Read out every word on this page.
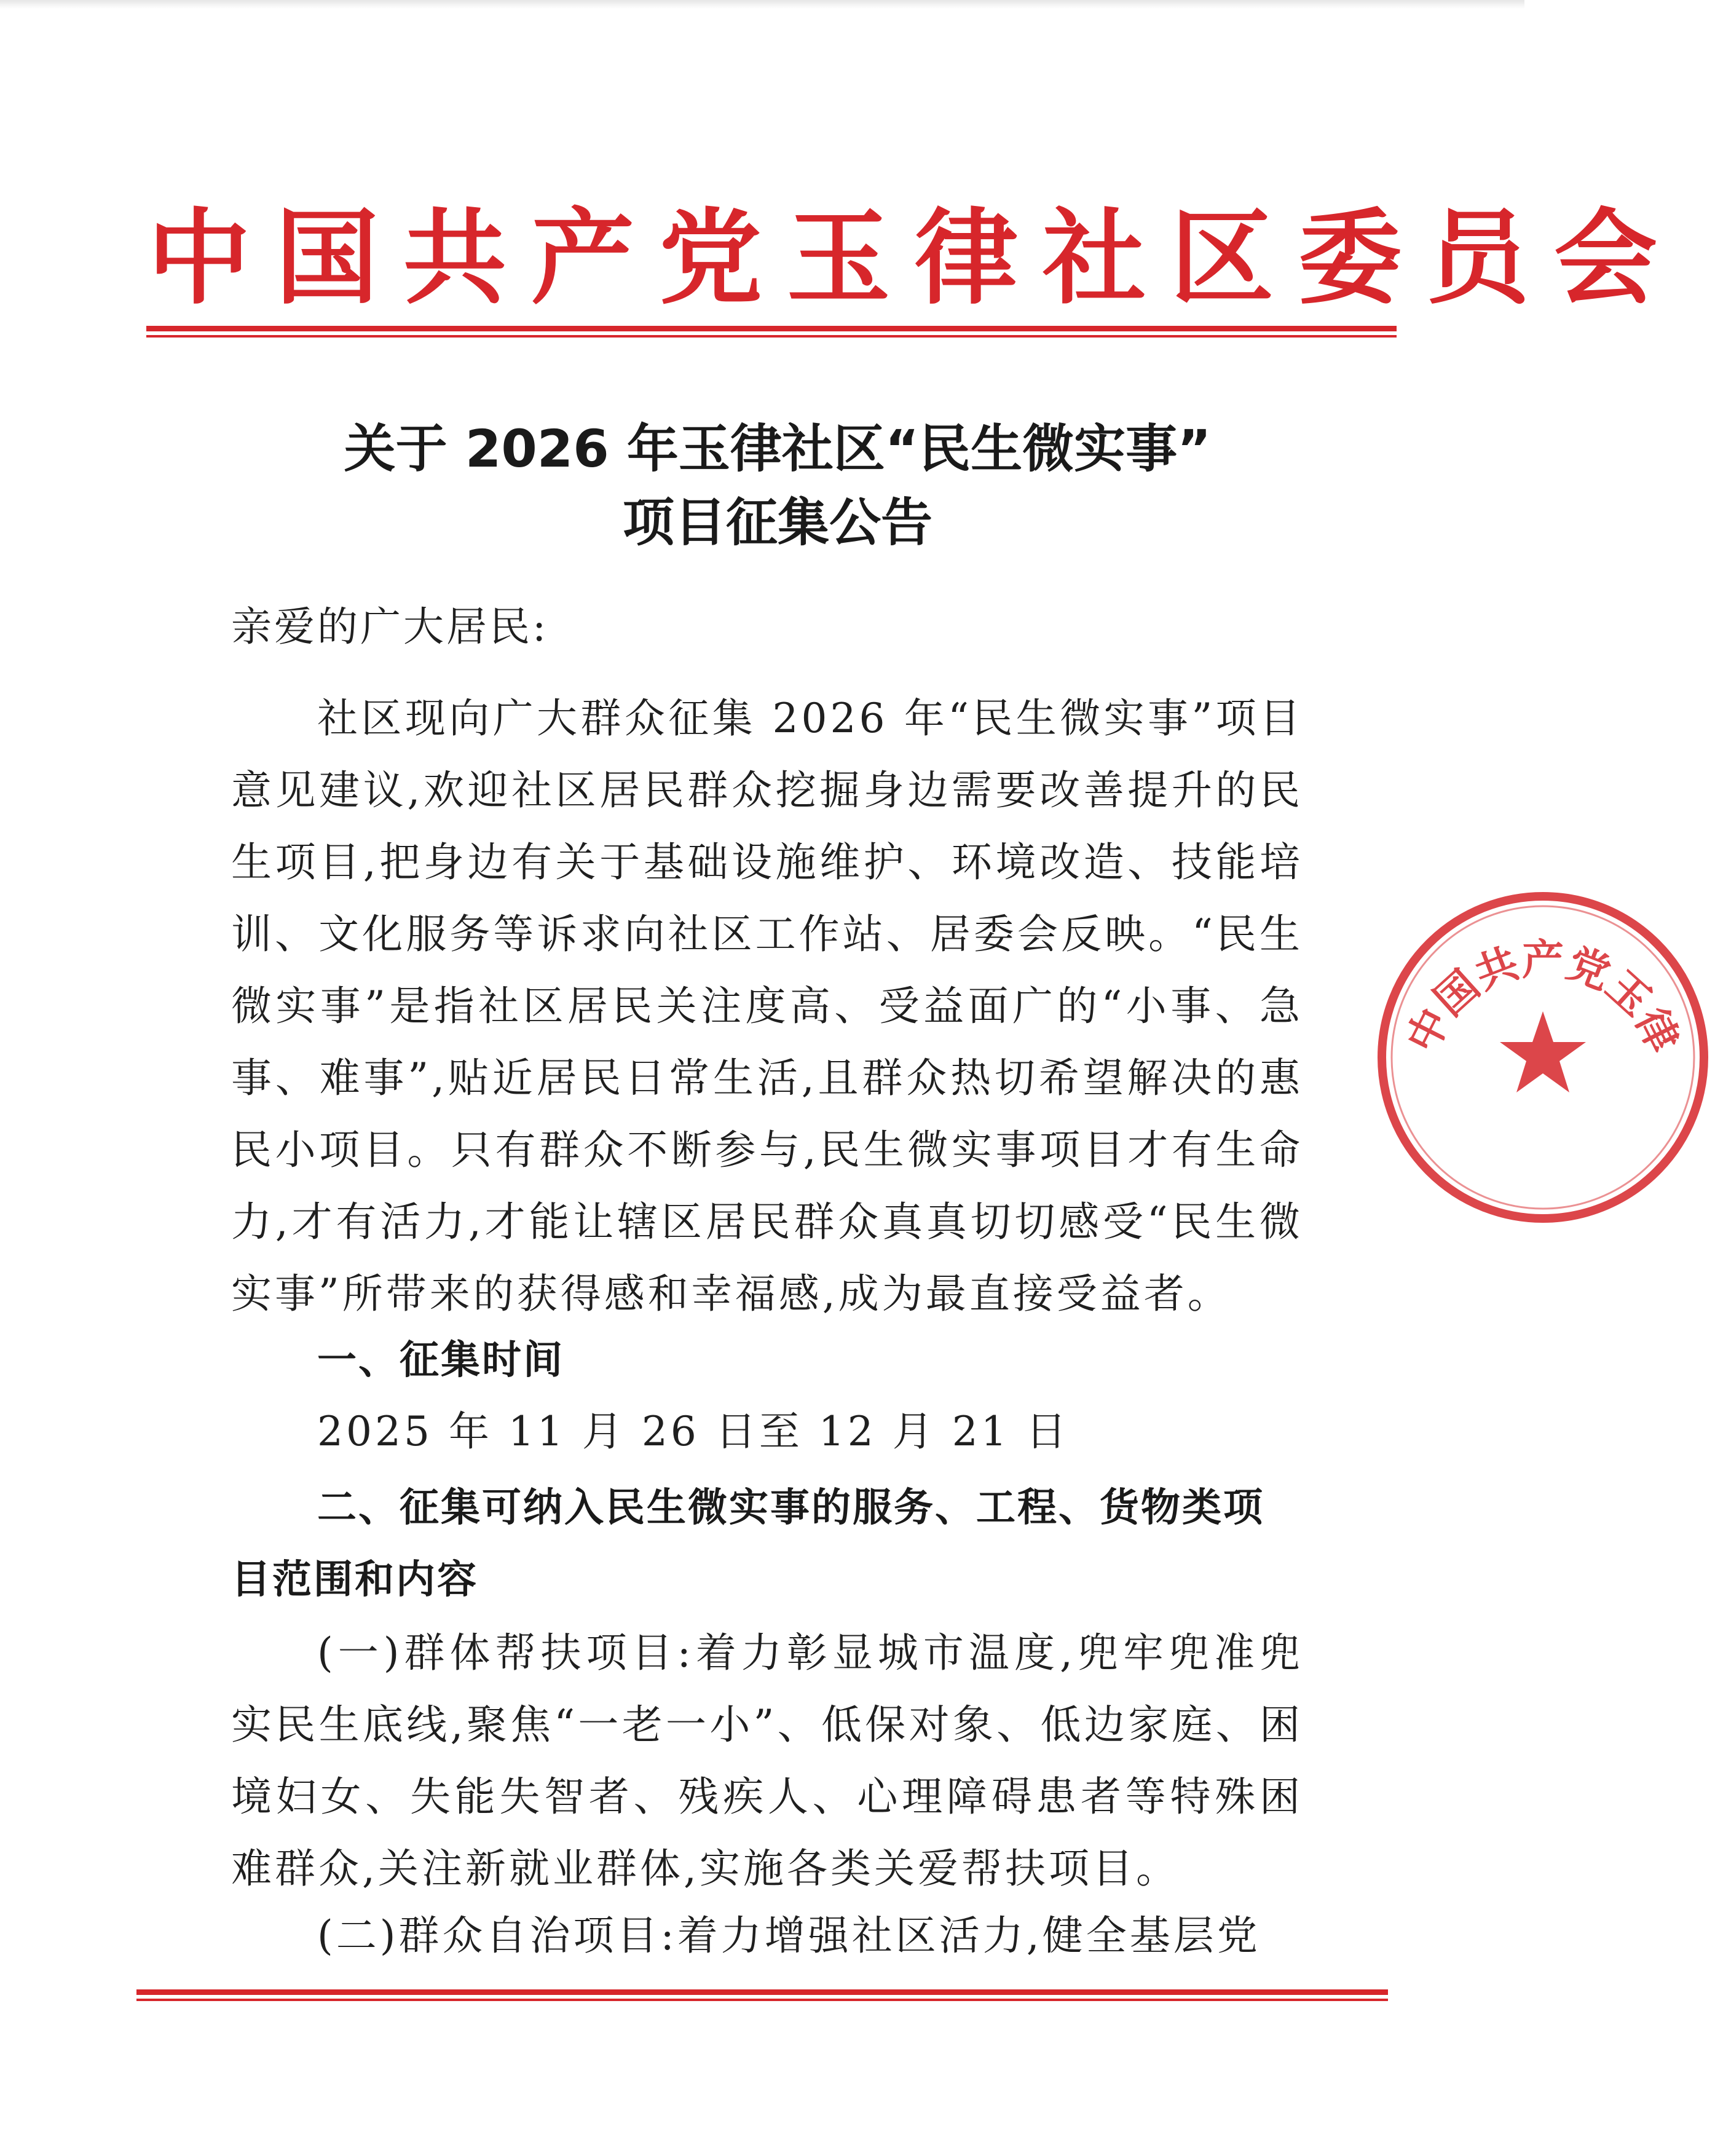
中国共产党玉律社区委员会
关于 2026 年玉律社区“民生微实事”
项目征集公告
亲爱的广大居民:
社区现向广大群众征集 2026 年“民生微实事”项目意见建议,欢迎社区居民群众挖掘身边需要改善提升的民生项目,把身边有关于基础设施维护、环境改造、技能培训、文化服务等诉求向社区工作站、居委会反映。“民生微实事”是指社区居民关注度高、受益面广的“小事、急事、难事”,贴近居民日常生活,且群众热切希望解决的惠民小项目。只有群众不断参与,民生微实事项目才有生命力,才有活力,才能让辖区居民群众真真切切感受“民生微实事”所带来的获得感和幸福感,成为最直接受益者。
一、征集时间
2025 年 11 月 26 日至 12 月 21 日
二、征集可纳入民生微实事的服务、工程、货物类项目范围和内容
(一)群体帮扶项目:着力彰显城市温度,兜牢兜准兜实民生底线,聚焦“一老一小”、低保对象、低边家庭、困境妇女、失能失智者、残疾人、心理障碍患者等特殊困难群众,关注新就业群体,实施各类关爱帮扶项目。
(二)群众自治项目:着力增强社区活力,健全基层党
中国共产党玉律
